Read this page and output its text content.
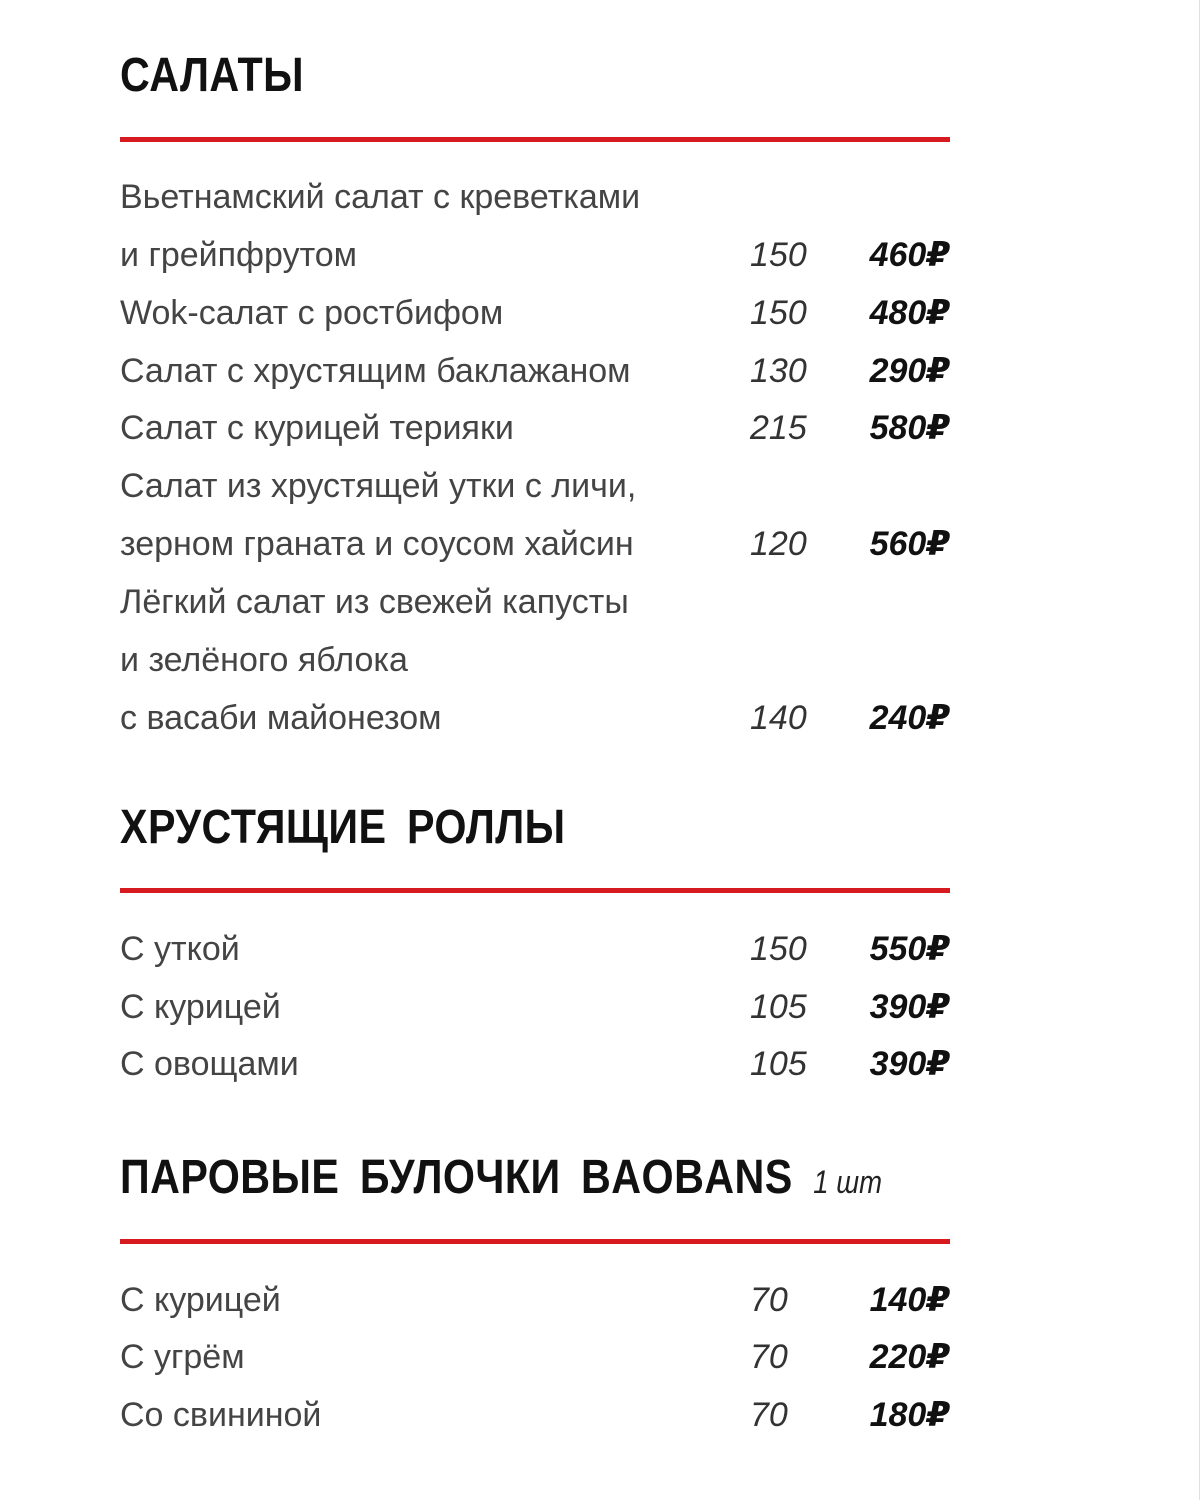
САЛАТЫ
Вьетнамский салат с креветками
и грейпфрутом	150 460₽
Wok-салат с ростбифом	150 480₽
Салат с хрустящим баклажаном	130 290₽
Салат с курицей терияки	215 580₽
Салат из хрустящей утки с личи,
зерном граната и соусом хайсин	120 560₽
Лёгкий салат из свежей капусты
и зелёного яблока
с васаби майонезом	140 240₽
ХРУСТЯЩИЕ РОЛЛЫ
С уткой	150 550₽
С курицей	105 390₽
С овощами	105 390₽
ПАРОВЫЕ БУЛОЧКИ BAOBANS 1 шт
С курицей	70 140₽
С угрём	70 220₽
Со свининой	70 180₽
